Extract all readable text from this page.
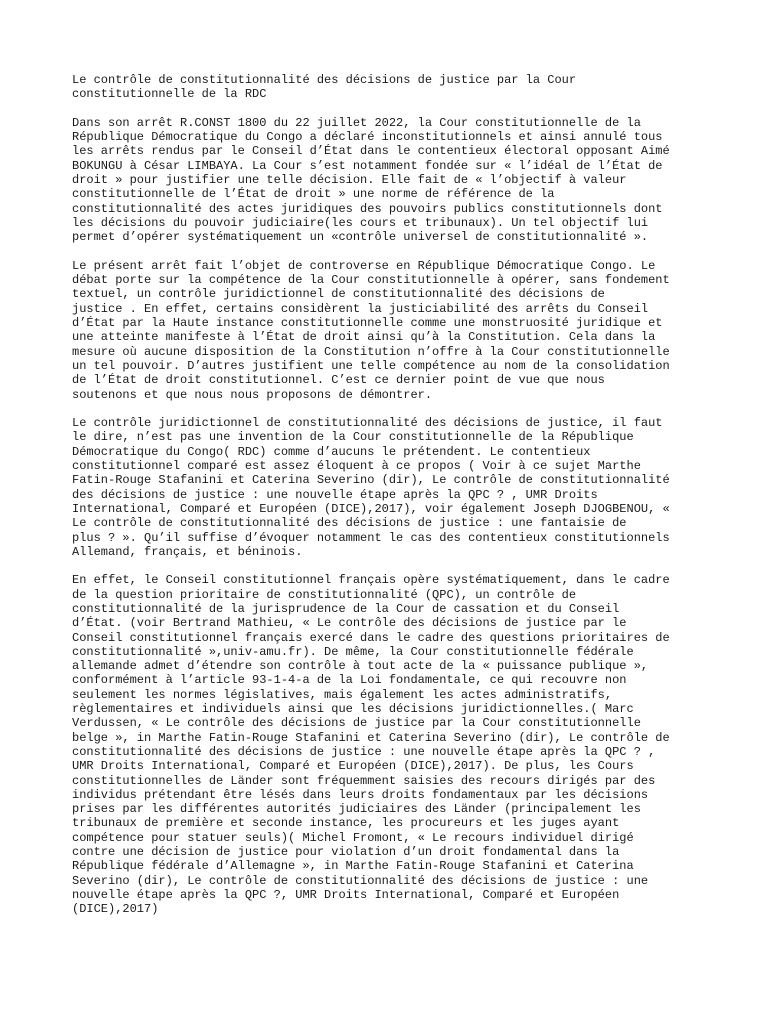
Le contrôle de constitutionnalité des décisions de justice par la Cour
constitutionnelle de la RDC
Dans son arrêt R.CONST 1800 du 22 juillet 2022, la Cour constitutionnelle de la
République Démocratique du Congo a déclaré inconstitutionnels et ainsi annulé tous
les arrêts rendus par le Conseil d’État dans le contentieux électoral opposant Aimé
BOKUNGU à César LIMBAYA. La Cour s’est notamment fondée sur « l’idéal de l’État de
droit » pour justifier une telle décision. Elle fait de « l’objectif à valeur
constitutionnelle de l’État de droit » une norme de référence de la
constitutionnalité des actes juridiques des pouvoirs publics constitutionnels dont
les décisions du pouvoir judiciaire(les cours et tribunaux). Un tel objectif lui
permet d’opérer systématiquement un «contrôle universel de constitutionnalité ».
Le présent arrêt fait l’objet de controverse en République Démocratique Congo. Le
débat porte sur la compétence de la Cour constitutionnelle à opérer, sans fondement
textuel, un contrôle juridictionnel de constitutionnalité des décisions de
justice . En effet, certains considèrent la justiciabilité des arrêts du Conseil
d’État par la Haute instance constitutionnelle comme une monstruosité juridique et
une atteinte manifeste à l’État de droit ainsi qu’à la Constitution. Cela dans la
mesure où aucune disposition de la Constitution n’offre à la Cour constitutionnelle
un tel pouvoir. D’autres justifient une telle compétence au nom de la consolidation
de l’État de droit constitutionnel. C’est ce dernier point de vue que nous
soutenons et que nous nous proposons de démontrer.
Le contrôle juridictionnel de constitutionnalité des décisions de justice, il faut
le dire, n’est pas une invention de la Cour constitutionnelle de la République
Démocratique du Congo( RDC) comme d’aucuns le prétendent. Le contentieux
constitutionnel comparé est assez éloquent à ce propos ( Voir à ce sujet Marthe
Fatin-Rouge Stafanini et Caterina Severino (dir), Le contrôle de constitutionnalité
des décisions de justice : une nouvelle étape après la QPC ? , UMR Droits
International, Comparé et Européen (DICE),2017), voir également Joseph DJOGBENOU, «
Le contrôle de constitutionnalité des décisions de justice : une fantaisie de
plus ? ». Qu’il suffise d’évoquer notamment le cas des contentieux constitutionnels
Allemand, français, et béninois.
En effet, le Conseil constitutionnel français opère systématiquement, dans le cadre
de la question prioritaire de constitutionnalité (QPC), un contrôle de
constitutionnalité de la jurisprudence de la Cour de cassation et du Conseil
d’État. (voir Bertrand Mathieu, « Le contrôle des décisions de justice par le
Conseil constitutionnel français exercé dans le cadre des questions prioritaires de
constitutionnalité »,univ-amu.fr). De même, la Cour constitutionnelle fédérale
allemande admet d’étendre son contrôle à tout acte de la « puissance publique »,
conformément à l’article 93-1-4-a de la Loi fondamentale, ce qui recouvre non
seulement les normes législatives, mais également les actes administratifs,
règlementaires et individuels ainsi que les décisions juridictionnelles.( Marc
Verdussen, « Le contrôle des décisions de justice par la Cour constitutionnelle
belge », in Marthe Fatin-Rouge Stafanini et Caterina Severino (dir), Le contrôle de
constitutionnalité des décisions de justice : une nouvelle étape après la QPC ? ,
UMR Droits International, Comparé et Européen (DICE),2017). De plus, les Cours
constitutionnelles de Länder sont fréquemment saisies des recours dirigés par des
individus prétendant être lésés dans leurs droits fondamentaux par les décisions
prises par les différentes autorités judiciaires des Länder (principalement les
tribunaux de première et seconde instance, les procureurs et les juges ayant
compétence pour statuer seuls)( Michel Fromont, « Le recours individuel dirigé
contre une décision de justice pour violation d’un droit fondamental dans la
République fédérale d’Allemagne », in Marthe Fatin-Rouge Stafanini et Caterina
Severino (dir), Le contrôle de constitutionnalité des décisions de justice : une
nouvelle étape après la QPC ?, UMR Droits International, Comparé et Européen
(DICE),2017)
